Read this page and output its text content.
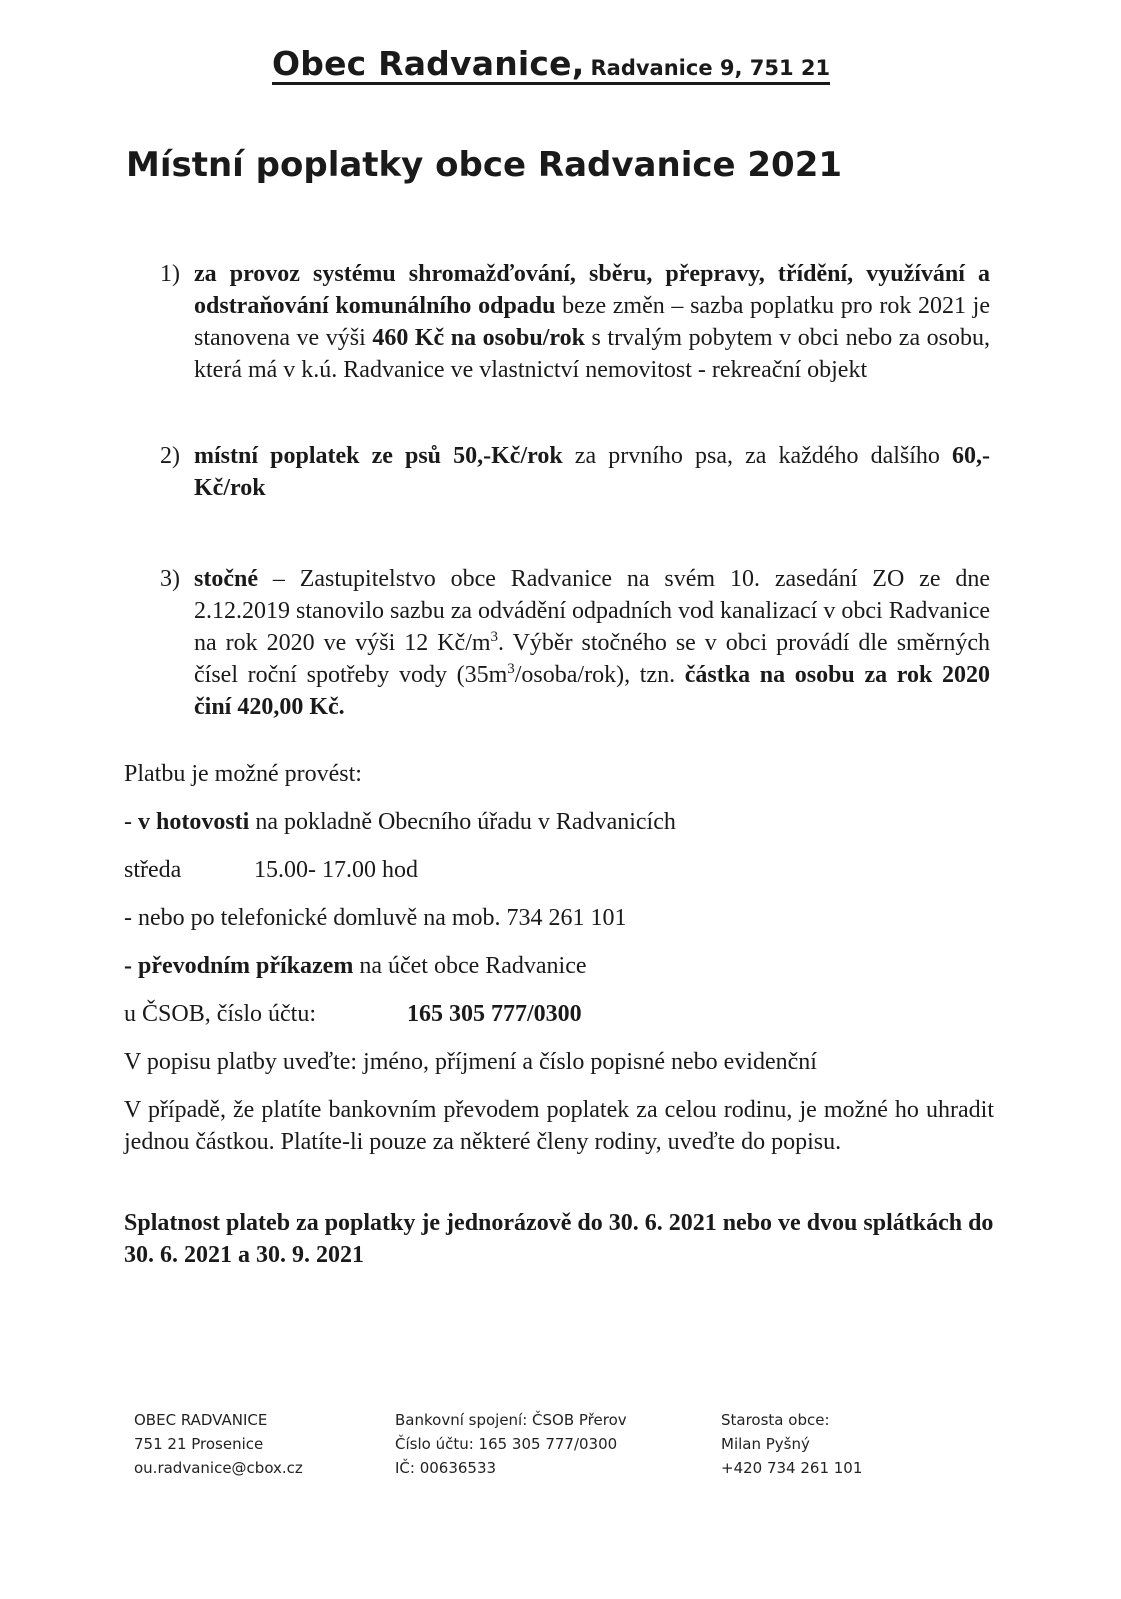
Obec Radvanice, Radvanice 9, 751 21
Místní poplatky obce Radvanice 2021
1) za provoz systému shromažďování, sběru, přepravy, třídění, využívání a odstraňování komunálního odpadu beze změn – sazba poplatku pro rok 2021 je stanovena ve výši 460 Kč na osobu/rok s trvalým pobytem v obci nebo za osobu, která má v k.ú. Radvanice ve vlastnictví nemovitost - rekreační objekt
2) místní poplatek ze psů 50,-Kč/rok za prvního psa, za každého dalšího 60,-Kč/rok
3) stočné – Zastupitelstvo obce Radvanice na svém 10. zasedání ZO ze dne 2.12.2019 stanovilo sazbu za odvádění odpadních vod kanalizací v obci Radvanice na rok 2020 ve výši 12 $Kč/m^3$. Výběr stočného se v obci provádí dle směrných čísel roční spotřeby vody $(35m^3/osoba/rok)$, tzn. částka na osobu za rok 2020 činí 420,00 Kč.

Platbu je možné provést:

- v hotovosti na pokladně Obecního úřadu v Radvanicích

středa	15.00- 17.00 hod

- nebo po telefonické domluvě na mob. 734 261 101

- převodním příkazem na účet obce Radvanice

u ČSOB, číslo účtu:	165 305 777/0300

V popisu platby uveďte: jméno, příjmení a číslo popisné nebo evidenční

V případě, že platíte bankovním převodem poplatek za celou rodinu, je možné ho uhradit jednou částkou. Platíte-li pouze za některé členy rodiny, uveďte do popisu.

Splatnost plateb za poplatky je jednorázově do 30. 6. 2021 nebo ve dvou splátkách do 30. 6. 2021 a 30. 9. 2021

OBEC RADVANICE
751 21 Prosenice
ou.radvanice@cbox.cz
Bankovní spojení: ČSOB Přerov
Číslo účtu: 165 305 777/0300
IČ: 00636533
Starosta obce:
Milan Pyšný
+420 734 261 101
